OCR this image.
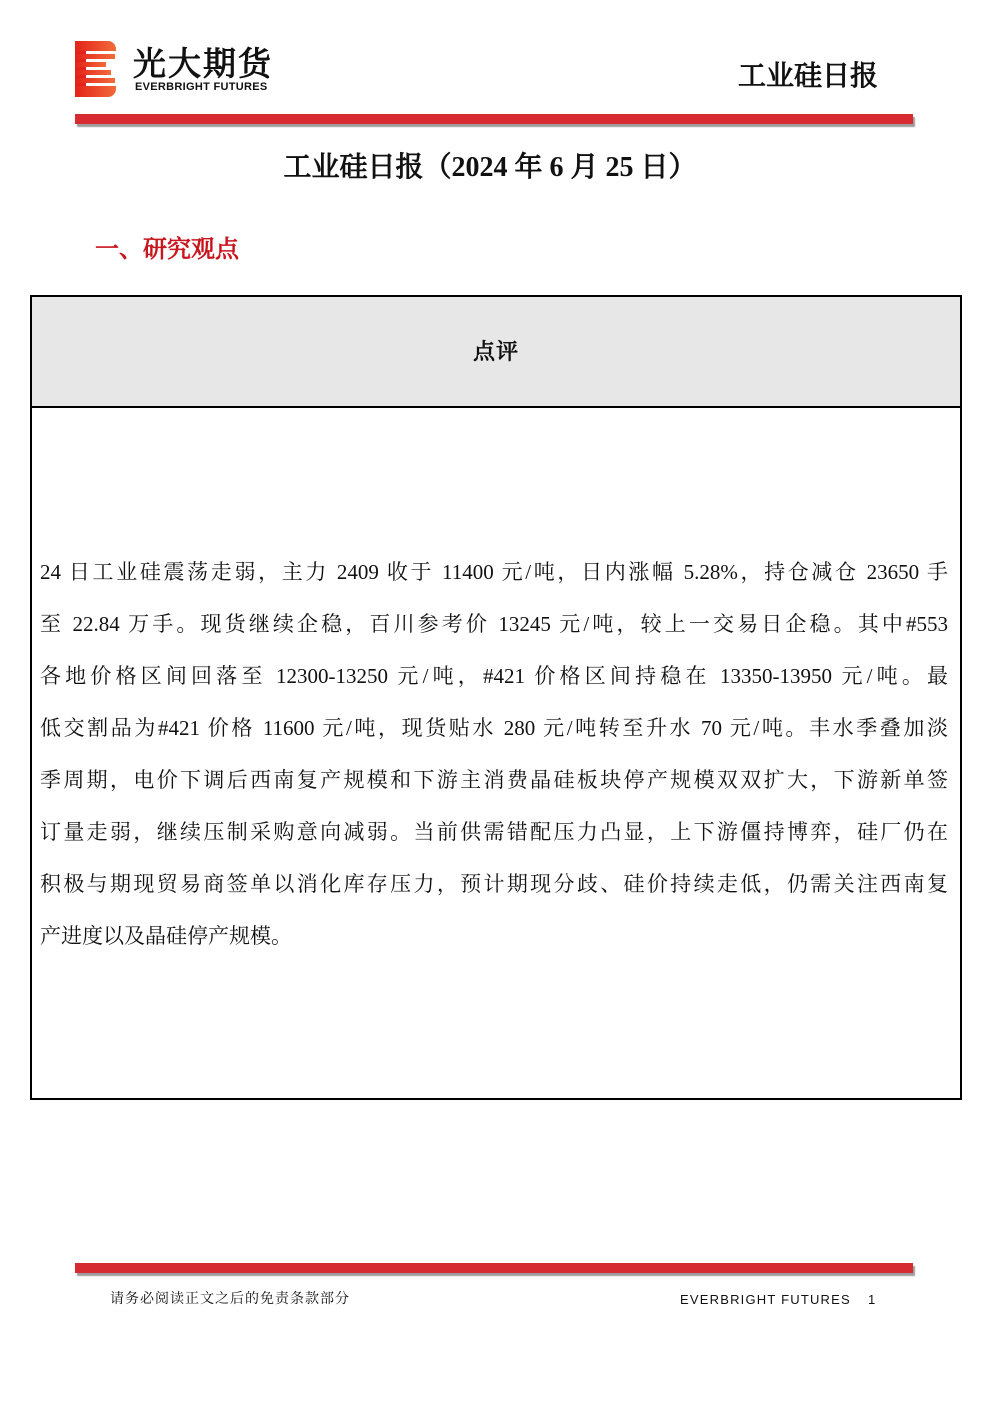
光大期货
EVERBRIGHT FUTURES	工业硅日报
工业硅日报（2024 年 6 月 25 日）
一、研究观点
点评
24 日工业硅震荡走弱，主力 2409 收于 11400 元/吨，日内涨幅 5.28%，持仓减仓 23650 手
至 22.84 万手。现货继续企稳，百川参考价 13245 元/吨，较上一交易日企稳。其中#553
各地价格区间回落至 12300-13250 元/吨，#421 价格区间持稳在 13350-13950 元/吨。最
低交割品为#421 价格 11600 元/吨，现货贴水 280 元/吨转至升水 70 元/吨。丰水季叠加淡
季周期，电价下调后西南复产规模和下游主消费晶硅板块停产规模双双扩大，下游新单签
订量走弱，继续压制采购意向减弱。当前供需错配压力凸显，上下游僵持博弈，硅厂仍在
积极与期现贸易商签单以消化库存压力，预计期现分歧、硅价持续走低，仍需关注西南复
产进度以及晶硅停产规模。
请务必阅读正文之后的免责条款部分	EVERBRIGHT FUTURES 1
